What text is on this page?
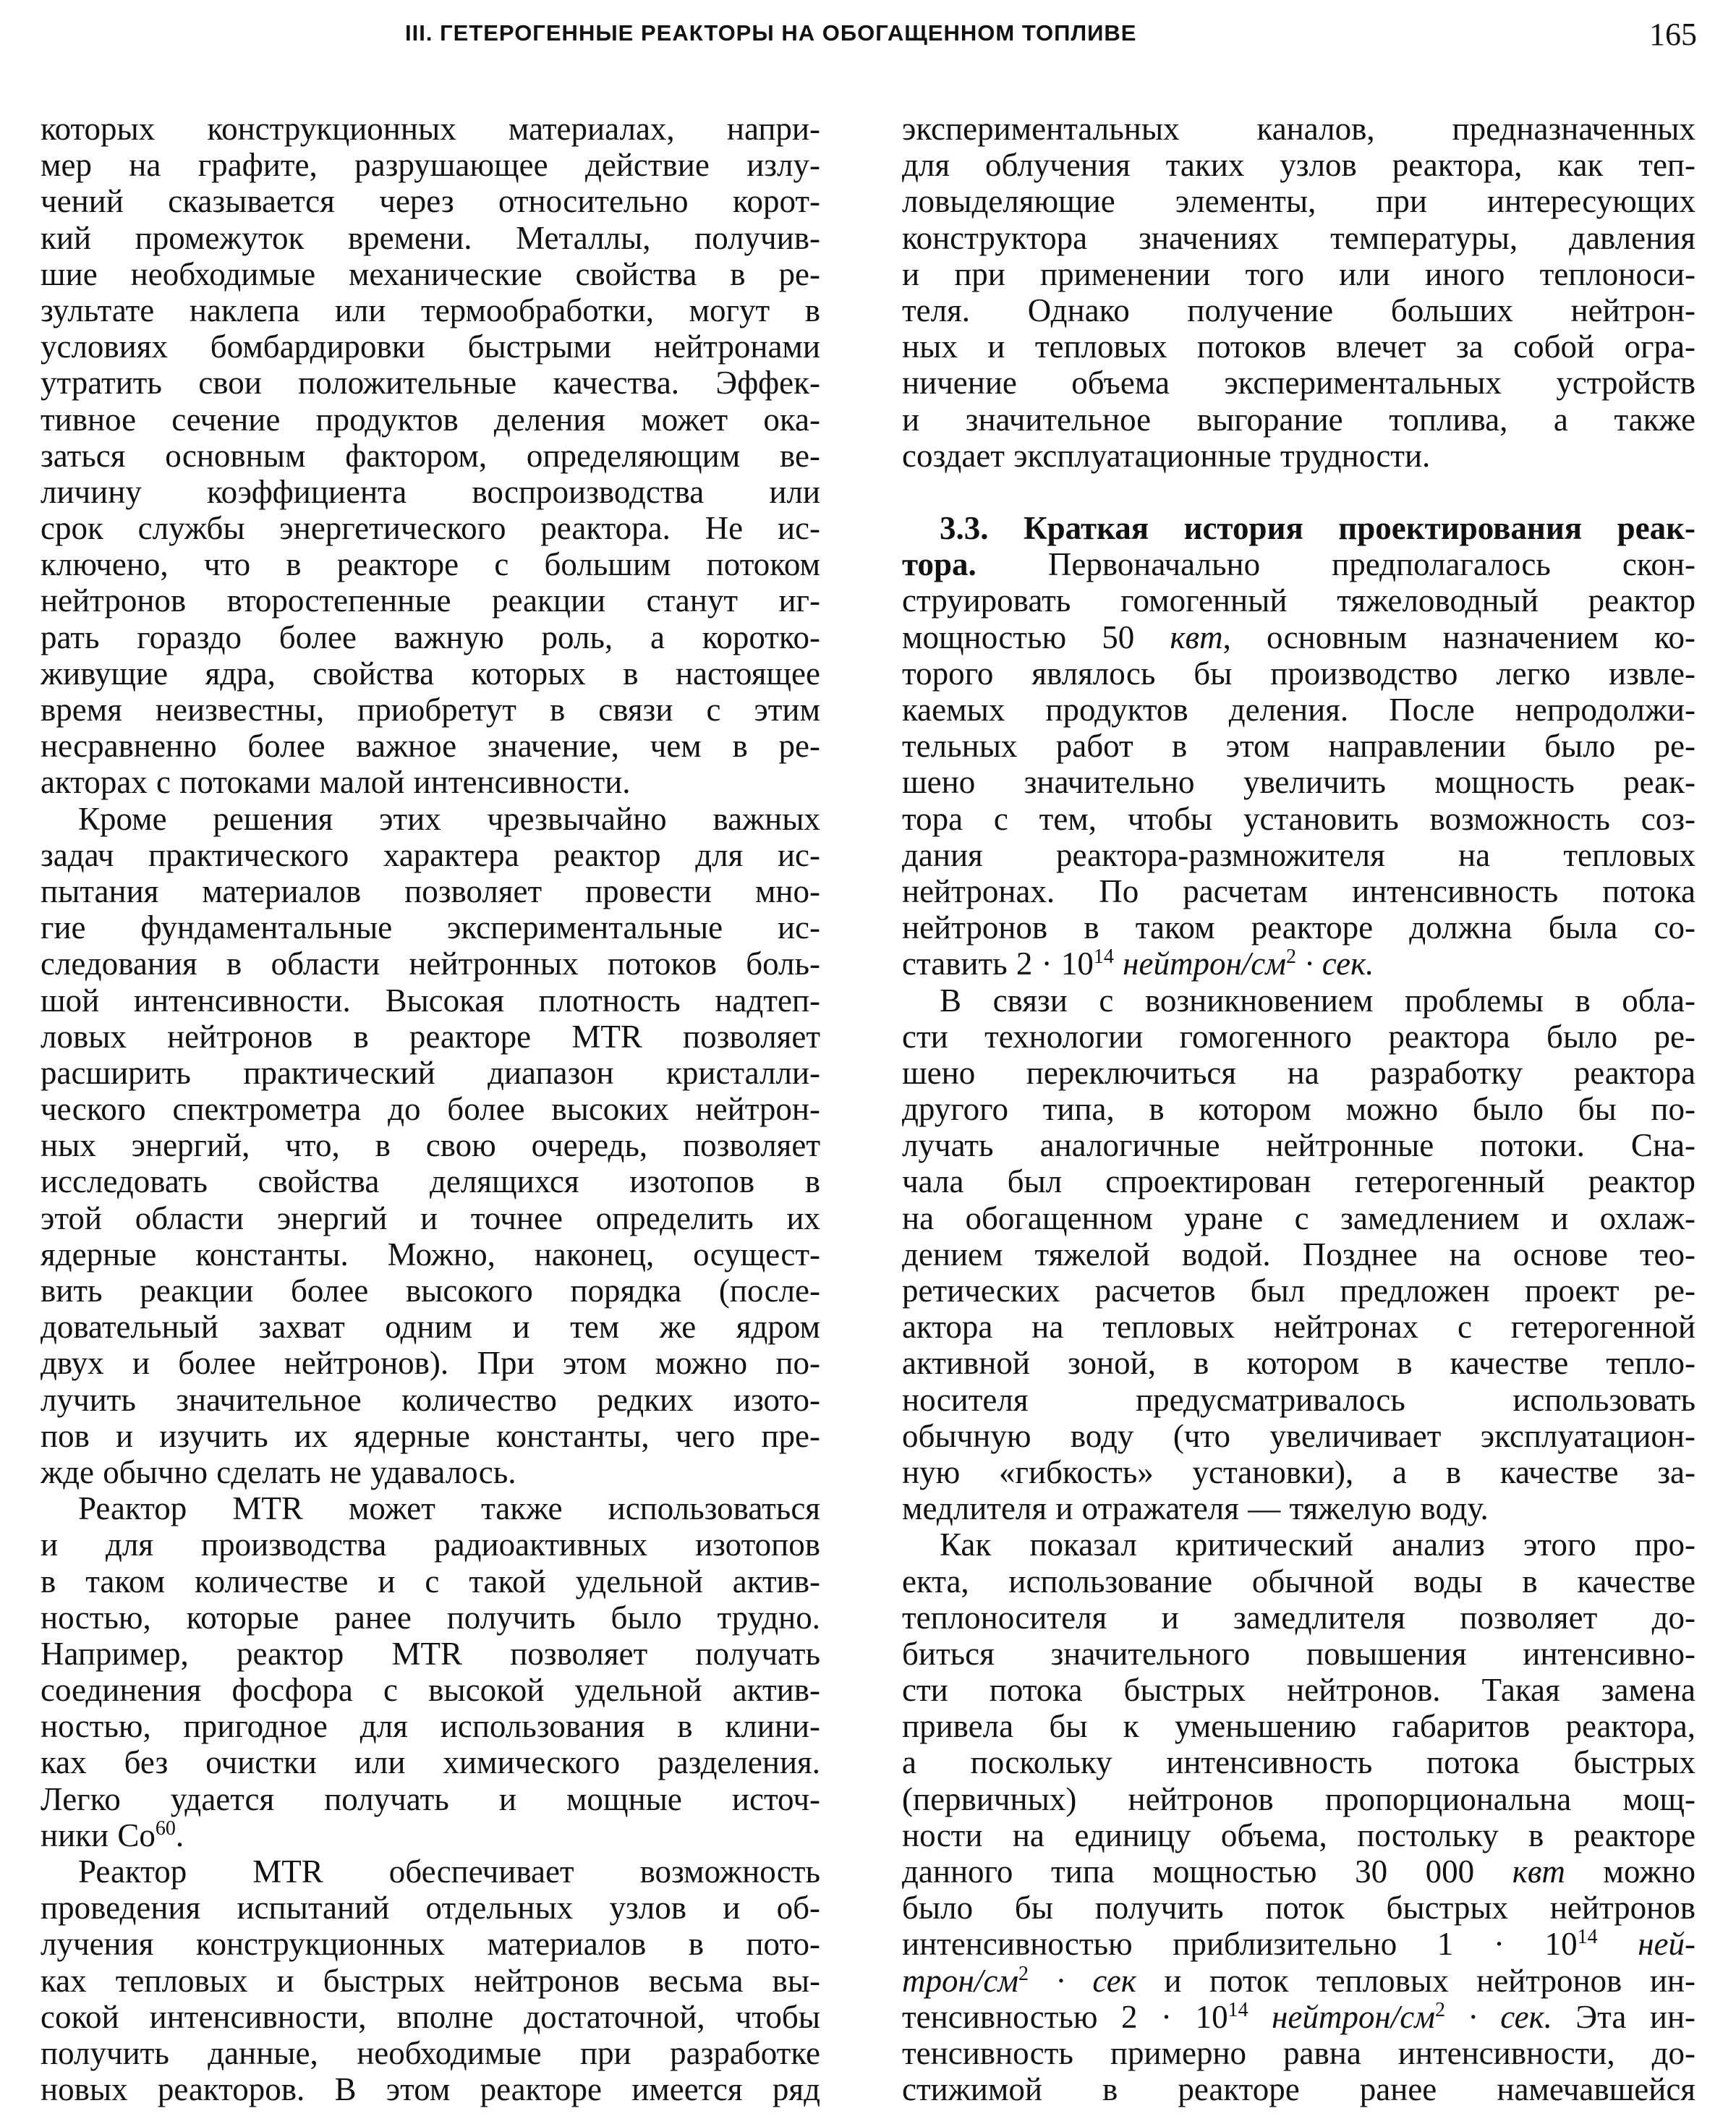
III. ГЕТЕРОГЕННЫЕ РЕАКТОРЫ НА ОБОГАЩЕННОМ ТОПЛИВЕ	165
которых конструкционных материалах, напри-
мер на графите, разрушающее действие излу-
чений сказывается через относительно корот-
кий промежуток времени. Металлы, получив-
шие необходимые механические свойства в ре-
зультате наклепа или термообработки, могут в
условиях бомбардировки быстрыми нейтронами
утратить свои положительные качества. Эффек-
тивное сечение продуктов деления может ока-
заться основным фактором, определяющим ве-
личину коэффициента воспроизводства или
срок службы энергетического реактора. Не ис-
ключено, что в реакторе с большим потоком
нейтронов второстепенные реакции станут иг-
рать гораздо более важную роль, а коротко-
живущие ядра, свойства которых в настоящее
время неизвестны, приобретут в связи с этим
несравненно более важное значение, чем в ре-
акторах с потоками малой интенсивности.
Кроме решения этих чрезвычайно важных
задач практического характера реактор для ис-
пытания материалов позволяет провести мно-
гие фундаментальные экспериментальные ис-
следования в области нейтронных потоков боль-
шой интенсивности. Высокая плотность надтеп-
ловых нейтронов в реакторе MTR позволяет
расширить практический диапазон кристалли-
ческого спектрометра до более высоких нейтрон-
ных энергий, что, в свою очередь, позволяет
исследовать свойства делящихся изотопов в
этой области энергий и точнее определить их
ядерные константы. Можно, наконец, осущест-
вить реакции более высокого порядка (после-
довательный захват одним и тем же ядром
двух и более нейтронов). При этом можно по-
лучить значительное количество редких изото-
пов и изучить их ядерные константы, чего пре-
жде обычно сделать не удавалось.
Реактор MTR может также использоваться
и для производства радиоактивных изотопов
в таком количестве и с такой удельной актив-
ностью, которые ранее получить было трудно.
Например, реактор MTR позволяет получать
соединения фосфора с высокой удельной актив-
ностью, пригодное для использования в клини-
ках без очистки или химического разделения.
Легко удается получать и мощные источ-
ники Co$^{60}$.
Реактор MTR обеспечивает возможность
проведения испытаний отдельных узлов и об-
лучения конструкционных материалов в пото-
ках тепловых и быстрых нейтронов весьма вы-
сокой интенсивности, вполне достаточной, чтобы
получить данные, необходимые при разработке
новых реакторов. В этом реакторе имеется ряд
экспериментальных каналов, предназначенных
для облучения таких узлов реактора, как теп-
ловыделяющие элементы, при интересующих
конструктора значениях температуры, давления
и при применении того или иного теплоноси-
теля. Однако получение больших нейтрон-
ных и тепловых потоков влечет за собой огра-
ничение объема экспериментальных устройств
и значительное выгорание топлива, а также
создает эксплуатационные трудности.
3.3. Краткая история проектирования реак-
тора. Первоначально предполагалось скон-
струировать гомогенный тяжеловодный реактор
мощностью 50 квт, основным назначением ко-
торого являлось бы производство легко извле-
каемых продуктов деления. После непродолжи-
тельных работ в этом направлении было ре-
шено значительно увеличить мощность реак-
тора с тем, чтобы установить возможность соз-
дания реактора-размножителя на тепловых
нейтронах. По расчетам интенсивность потока
нейтронов в таком реакторе должна была со-
ставить $2 \cdot 10^{14}$ нейтрон/$см^2$ · сек.
В связи с возникновением проблемы в обла-
сти технологии гомогенного реактора было ре-
шено переключиться на разработку реактора
другого типа, в котором можно было бы по-
лучать аналогичные нейтронные потоки. Сна-
чала был спроектирован гетерогенный реактор
на обогащенном уране с замедлением и охлаж-
дением тяжелой водой. Позднее на основе тео-
ретических расчетов был предложен проект ре-
актора на тепловых нейтронах с гетерогенной
активной зоной, в котором в качестве тепло-
носителя предусматривалось использовать
обычную воду (что увеличивает эксплуатацион-
ную «гибкость» установки), а в качестве за-
медлителя и отражателя — тяжелую воду.
Как показал критический анализ этого про-
екта, использование обычной воды в качестве
теплоносителя и замедлителя позволяет до-
биться значительного повышения интенсивно-
сти потока быстрых нейтронов. Такая замена
привела бы к уменьшению габаритов реактора,
а поскольку интенсивность потока быстрых
(первичных) нейтронов пропорциональна мощ-
ности на единицу объема, постольку в реакторе
данного типа мощностью 30 000 квт можно
было бы получить поток быстрых нейтронов
интенсивностью приблизительно $1 \cdot 10^{14}$ ней-
трон/$см^2$ · сек и поток тепловых нейтронов ин-
тенсивностью $2 \cdot 10^{14}$ нейтрон/$см^2$ · сек. Эта ин-
тенсивность примерно равна интенсивности, до-
стижимой в реакторе ранее намечавшейся
